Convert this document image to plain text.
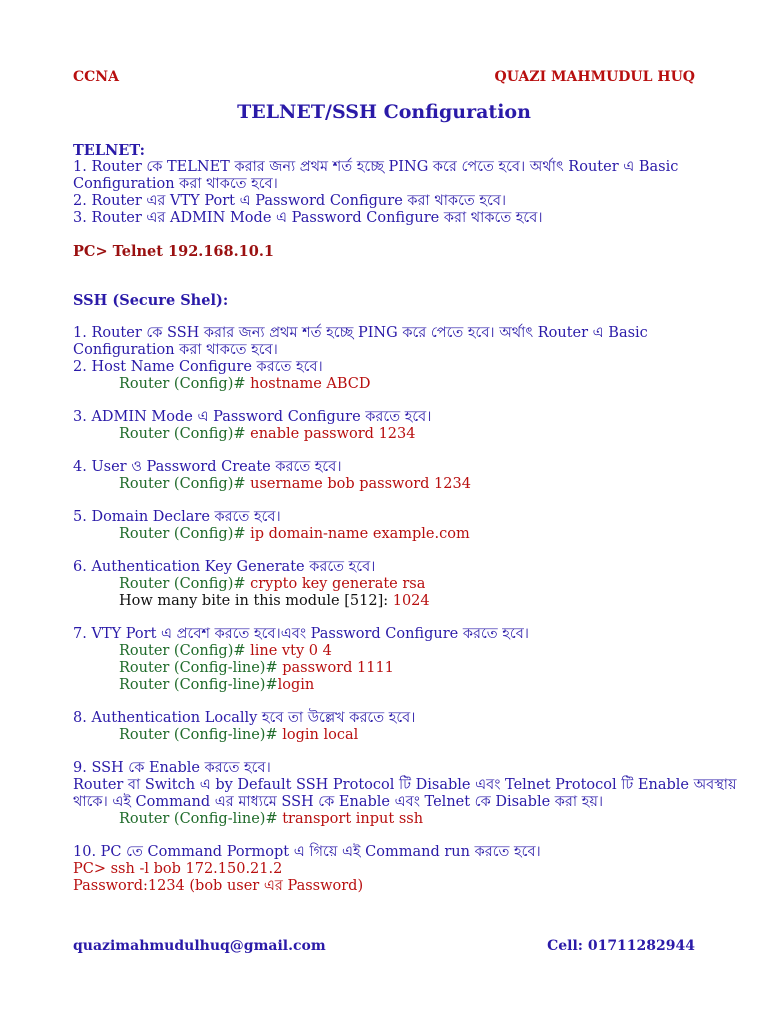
CCNA	QUAZI MAHMUDUL HUQ
TELNET/SSH Configuration
TELNET:
1. Router কে TELNET করার জন্য প্রথম শর্ত হচ্ছে PING করে পেতে হবে। অর্থাৎ Router এ Basic
Configuration করা থাকতে হবে।
2. Router এর VTY Port এ Password Configure করা থাকতে হবে।
3. Router এর ADMIN Mode এ Password Configure করা থাকতে হবে।
PC> Telnet 192.168.10.1
SSH (Secure Shel):
1. Router কে SSH করার জন্য প্রথম শর্ত হচ্ছে PING করে পেতে হবে। অর্থাৎ Router এ Basic
Configuration করা থাকতে হবে।
2. Host Name Configure করতে হবে।
Router (Config)# hostname ABCD
3. ADMIN Mode এ Password Configure করতে হবে।
Router (Config)# enable password 1234
4. User ও Password Create করতে হবে।
Router (Config)# username bob password 1234
5. Domain Declare করতে হবে।
Router (Config)# ip domain-name example.com
6. Authentication Key Generate করতে হবে।
Router (Config)# crypto key generate rsa
How many bite in this module [512]: 1024
7. VTY Port এ প্রবেশ করতে হবে।এবং Password Configure করতে হবে।
Router (Config)# line vty 0 4
Router (Config-line)# password 1111
Router (Config-line)#login
8. Authentication Locally হবে তা উল্লেখ করতে হবে।
Router (Config-line)# login local
9. SSH কে Enable করতে হবে।
Router বা Switch এ by Default SSH Protocol টি Disable এবং Telnet Protocol টি Enable অবস্থায়
থাকে। এই Command এর মাধ্যমে SSH কে Enable এবং Telnet কে Disable করা হয়।
Router (Config-line)# transport input ssh
10. PC তে Command Pormopt এ গিয়ে এই Command run করতে হবে।
PC> ssh -l bob 172.150.21.2
Password:1234 (bob user এর Password)
quazimahmudulhuq@gmail.com	Cell: 01711282944
